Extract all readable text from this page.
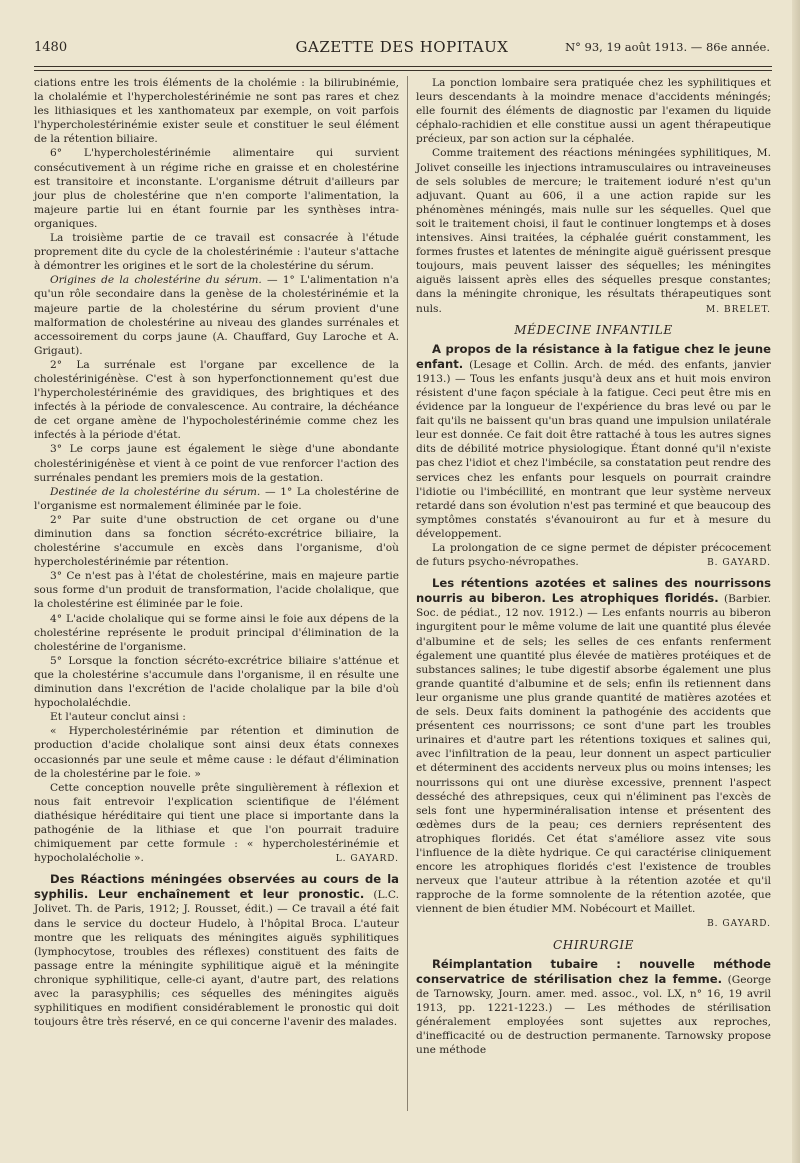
1480	GAZETTE DES HOPITAUX	N° 93, 19 août 1913. — 86e année.

ciations entre les trois éléments de la cholémie : la bilirubinémie, la cholalémie et l'hypercholestérinémie ne sont pas rares et chez les lithiasiques et les xanthomateux par exemple, on voit parfois l'hypercholestérinémie exister seule et constituer le seul élément de la rétention biliaire.

6° L'hypercholestérinémie alimentaire qui survient consécutivement à un régime riche en graisse et en cholestérine est transitoire et inconstante. L'organisme détruit d'ailleurs par jour plus de cholestérine que n'en comporte l'alimentation, la majeure partie lui en étant fournie par les synthèses intra-organiques.

La troisième partie de ce travail est consacrée à l'étude proprement dite du cycle de la cholestérinémie : l'auteur s'attache à démontrer les origines et le sort de la cholestérine du sérum.

Origines de la cholestérine du sérum. — 1° L'alimentation n'a qu'un rôle secondaire dans la genèse de la cholestérinémie et la majeure partie de la cholestérine du sérum provient d'une malformation de cholestérine au niveau des glandes surrénales et accessoirement du corps jaune (A. Chauffard, Guy Laroche et A. Grigaut).

2° La surrénale est l'organe par excellence de la cholestérinigénèse. C'est à son hyperfonctionnement qu'est due l'hypercholestérinémie des gravidiques, des brightiques et des infectés à la période de convalescence. Au contraire, la déchéance de cet organe amène de l'hypocholestérinémie comme chez les infectés à la période d'état.

3° Le corps jaune est également le siège d'une abondante cholestérinigénèse et vient à ce point de vue renforcer l'action des surrénales pendant les premiers mois de la gestation.

Destinée de la cholestérine du sérum. — 1° La cholestérine de l'organisme est normalement éliminée par le foie.

2° Par suite d'une obstruction de cet organe ou d'une diminution dans sa fonction sécréto-excrétrice biliaire, la cholestérine s'accumule en excès dans l'organisme, d'où hypercholestérinémie par rétention.

3° Ce n'est pas à l'état de cholestérine, mais en majeure partie sous forme d'un produit de transformation, l'acide cholalique, que la cholestérine est éliminée par le foie.

4° L'acide cholalique qui se forme ainsi le foie aux dépens de la cholestérine représente le produit principal d'élimination de la cholestérine de l'organisme.

5° Lorsque la fonction sécréto-excrétrice biliaire s'atténue et que la cholestérine s'accumule dans l'organisme, il en résulte une diminution dans l'excrétion de l'acide cholalique par la bile d'où hypocholaléchdie.

Et l'auteur conclut ainsi :

« Hypercholestérinémie par rétention et diminution de production d'acide cholalique sont ainsi deux états connexes occasionnés par une seule et même cause : le défaut d'élimination de la cholestérine par le foie. »

Cette conception nouvelle prête singulièrement à réflexion et nous fait entrevoir l'explication scientifique de l'élément diathésique héréditaire qui tient une place si importante dans la pathogénie de la lithiase et que l'on pourrait traduire chimiquement par cette formule : « hypercholestérinémie et hypocholalécholie ».	L. GAYARD.

Des Réactions méningées observées au cours de la syphilis. Leur enchaînement et leur pronostic. (L.C. Jolivet. Th. de Paris, 1912; J. Rousset, édit.) — Ce travail a été fait dans le service du docteur Hudelo, à l'hôpital Broca. L'auteur montre que les reliquats des méningites aiguës syphilitiques (lymphocytose, troubles des réflexes) constituent des faits de passage entre la méningite syphilitique aiguë et la méningite chronique syphilitique, celle-ci ayant, d'autre part, des relations avec la parasyphilis; ces séquelles des méningites aiguës syphilitiques en modifient considérablement le pronostic qui doit toujours être très réservé, en ce qui concerne l'avenir des malades.

La ponction lombaire sera pratiquée chez les syphilitiques et leurs descendants à la moindre menace d'accidents méningés; elle fournit des éléments de diagnostic par l'examen du liquide céphalo-rachidien et elle constitue aussi un agent thérapeutique précieux, par son action sur la céphalée.

Comme traitement des réactions méningées syphilitiques, M. Jolivet conseille les injections intramusculaires ou intraveineuses de sels solubles de mercure; le traitement ioduré n'est qu'un adjuvant. Quant au 606, il a une action rapide sur les phénomènes méningés, mais nulle sur les séquelles. Quel que soit le traitement choisi, il faut le continuer longtemps et à doses intensives. Ainsi traitées, la céphalée guérit constamment, les formes frustes et latentes de méningite aiguë guérissent presque toujours, mais peuvent laisser des séquelles; les méningites aiguës laissent après elles des séquelles presque constantes; dans la méningite chronique, les résultats thérapeutiques sont nuls.	M. BRELET.

MÉDECINE INFANTILE

A propos de la résistance à la fatigue chez le jeune enfant. (Lesage et Collin. Arch. de méd. des enfants, janvier 1913.) — Tous les enfants jusqu'à deux ans et huit mois environ résistent d'une façon spéciale à la fatigue. Ceci peut être mis en évidence par la longueur de l'expérience du bras levé ou par le fait qu'ils ne baissent qu'un bras quand une impulsion unilatérale leur est donnée. Ce fait doit être rattaché à tous les autres signes dits de débilité motrice physiologique. Étant donné qu'il n'existe pas chez l'idiot et chez l'imbécile, sa constatation peut rendre des services chez les enfants pour lesquels on pourrait craindre l'idiotie ou l'imbécillité, en montrant que leur système nerveux retardé dans son évolution n'est pas terminé et que beaucoup des symptômes constatés s'évanouiront au fur et à mesure du développement.

La prolongation de ce signe permet de dépister précocement de futurs psycho-névropathes.	B. GAYARD.

Les rétentions azotées et salines des nourrissons nourris au biberon. Les atrophiques floridés. (Barbier. Soc. de pédiat., 12 nov. 1912.) — Les enfants nourris au biberon ingurgitent pour le même volume de lait une quantité plus élevée d'albumine et de sels; les selles de ces enfants renferment également une quantité plus élevée de matières protéiques et de substances salines; le tube digestif absorbe également une plus grande quantité d'albumine et de sels; enfin ils retiennent dans leur organisme une plus grande quantité de matières azotées et de sels. Deux faits dominent la pathogénie des accidents que présentent ces nourrissons; ce sont d'une part les troubles urinaires et d'autre part les rétentions toxiques et salines qui, avec l'infiltration de la peau, leur donnent un aspect particulier et déterminent des accidents nerveux plus ou moins intenses; les nourrissons qui ont une diurèse excessive, prennent l'aspect desséché des athrepsiques, ceux qui n'éliminent pas l'excès de sels font une hyperminéralisation intense et présentent des œdèmes durs de la peau; ces derniers représentent des atrophiques floridés. Cet état s'améliore assez vite sous l'influence de la diète hydrique. Ce qui caractérise cliniquement encore les atrophiques floridés c'est l'existence de troubles nerveux que l'auteur attribue à la rétention azotée et qu'il rapproche de la forme somnolente de la rétention azotée, que viennent de bien étudier MM. Nobécourt et Maillet.
B. GAYARD.

CHIRURGIE

Réimplantation tubaire : nouvelle méthode conservatrice de stérilisation chez la femme. (George de Tarnowsky, Journ. amer. med. assoc., vol. LX, n° 16, 19 avril 1913, pp. 1221-1223.) — Les méthodes de stérilisation généralement employées sont sujettes aux reproches, d'inefficacité ou de destruction permanente. Tarnowsky propose une méthode
